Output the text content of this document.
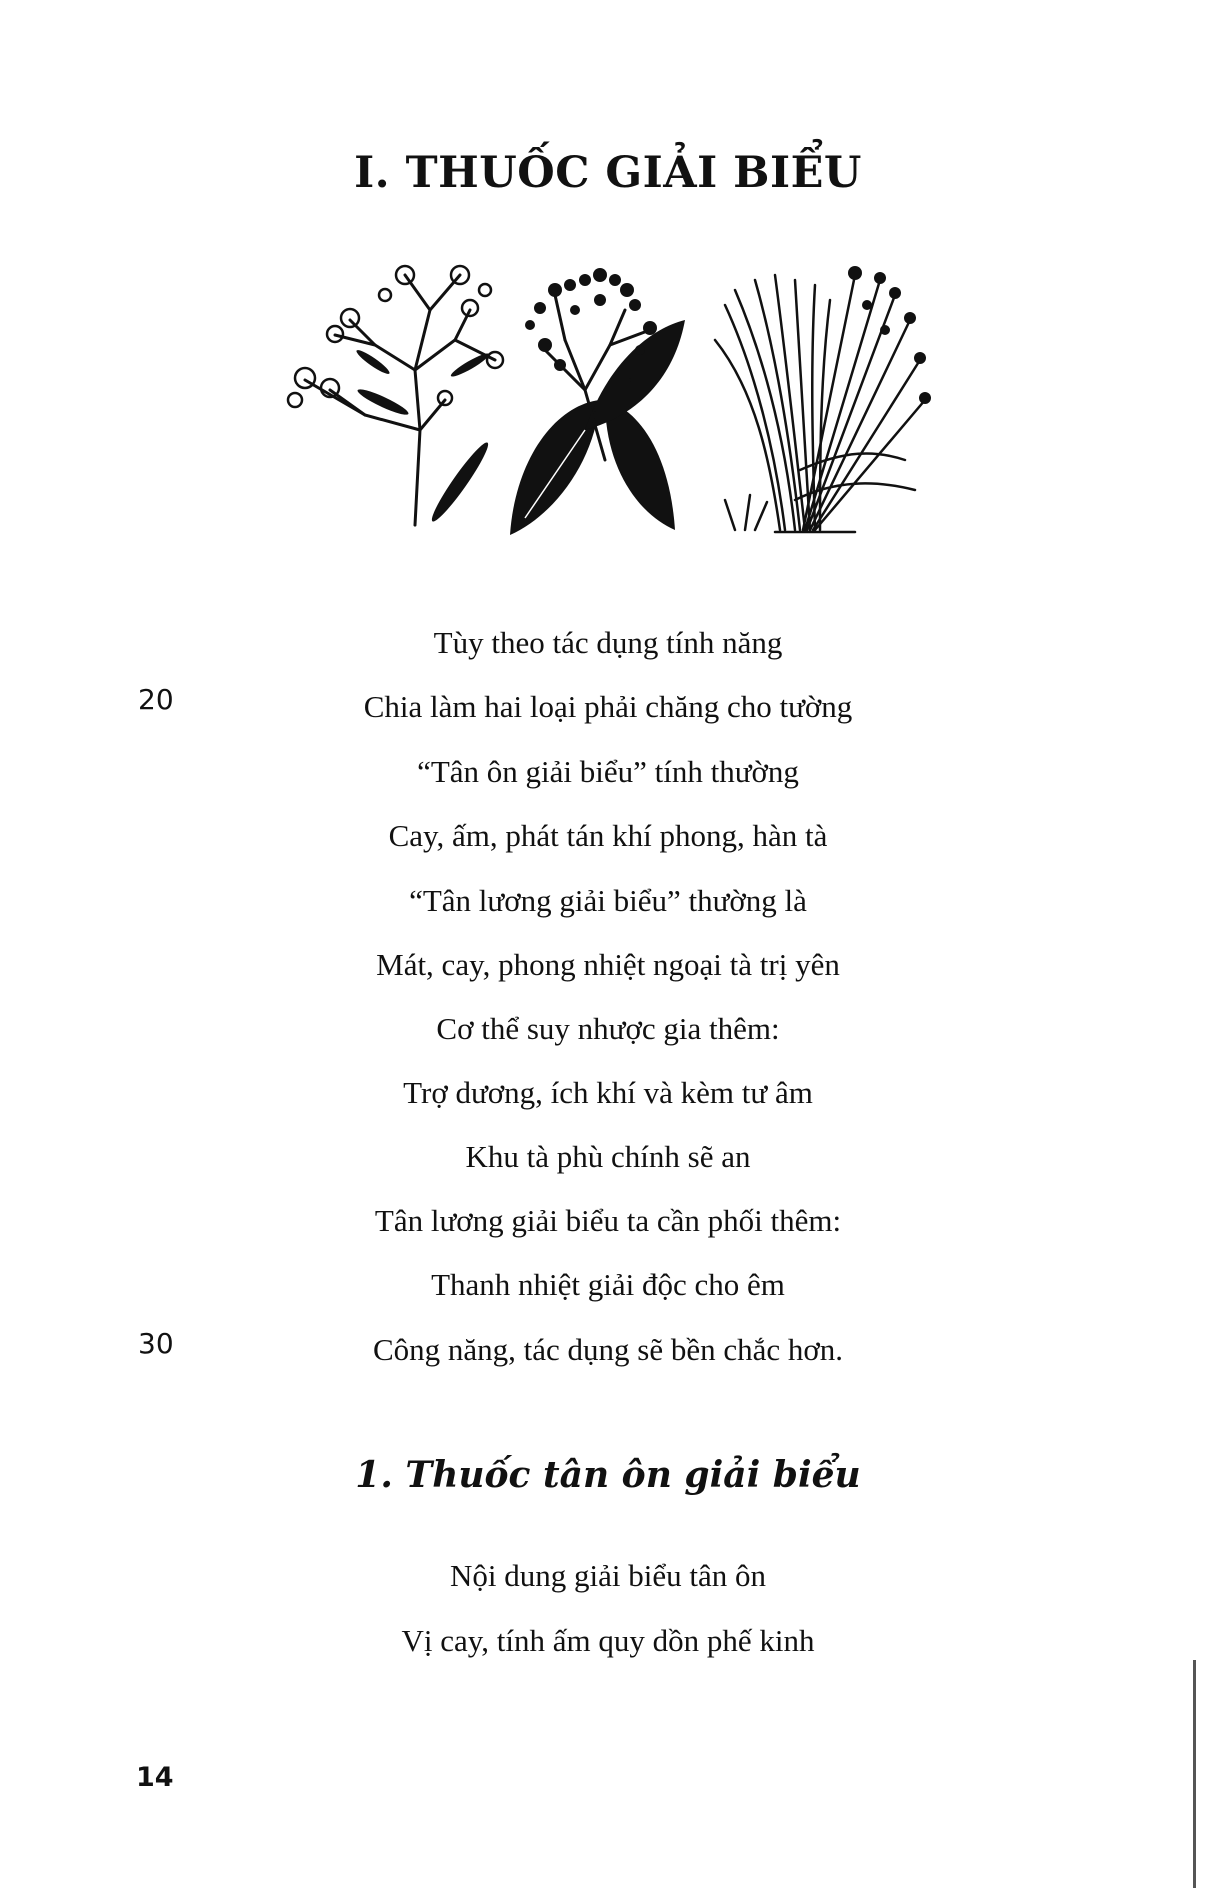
I. THUỐC GIẢI BIỂU
Tùy theo tác dụng tính năng
Chia làm hai loại phải chăng cho tường
“Tân ôn giải biểu” tính thường
Cay, ấm, phát tán khí phong, hàn tà
“Tân lương giải biểu” thường là
Mát, cay, phong nhiệt ngoại tà trị yên
Cơ thể suy nhược gia thêm:
Trợ dương, ích khí và kèm tư âm
Khu tà phù chính sẽ an
Tân lương giải biểu ta cần phối thêm:
Thanh nhiệt giải độc cho êm
Công năng, tác dụng sẽ bền chắc hơn.
20
30
1. Thuốc tân ôn giải biểu
Nội dung giải biểu tân ôn
Vị cay, tính ấm quy dồn phế kinh
14
